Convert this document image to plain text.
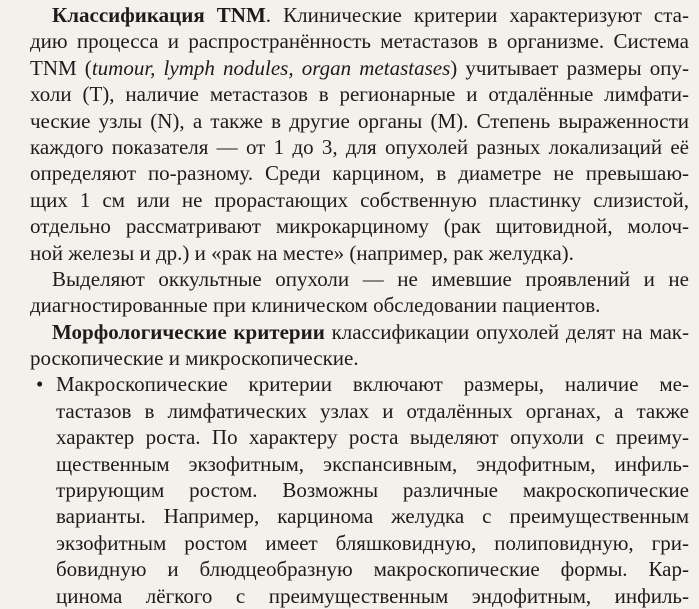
Классификация TNM. Клинические критерии характеризуют ста-
дию процесса и распространённость метастазов в организме. Система
TNM (tumour, lymph nodules, organ metastases) учитывает размеры опу-
холи (T), наличие метастазов в регионарные и отдалённые лимфати-
ческие узлы (N), а также в другие органы (M). Степень выраженности
каждого показателя — от 1 до 3, для опухолей разных локализаций её
определяют по-разному. Среди карцином, в диаметре не превышаю-
щих 1 см или не прорастающих собственную пластинку слизистой,
отдельно рассматривают микрокарциному (рак щитовидной, молоч-
ной железы и др.) и «рак на месте» (например, рак желудка).
Выделяют оккультные опухоли — не имевшие проявлений и не
диагностированные при клиническом обследовании пациентов.
Морфологические критерии классификации опухолей делят на мак-
роскопические и микроскопические.
• Макроскопические критерии включают размеры, наличие ме-
тастазов в лимфатических узлах и отдалённых органах, а также
характер роста. По характеру роста выделяют опухоли с преиму-
щественным экзофитным, экспансивным, эндофитным, инфиль-
трирующим ростом. Возможны различные макроскопические
варианты. Например, карцинома желудка с преимущественным
экзофитным ростом имеет бляшковидную, полиповидную, гри-
бовидную и блюдцеобразную макроскопические формы. Кар-
цинома лёгкого с преимущественным эндофитным, инфиль-
